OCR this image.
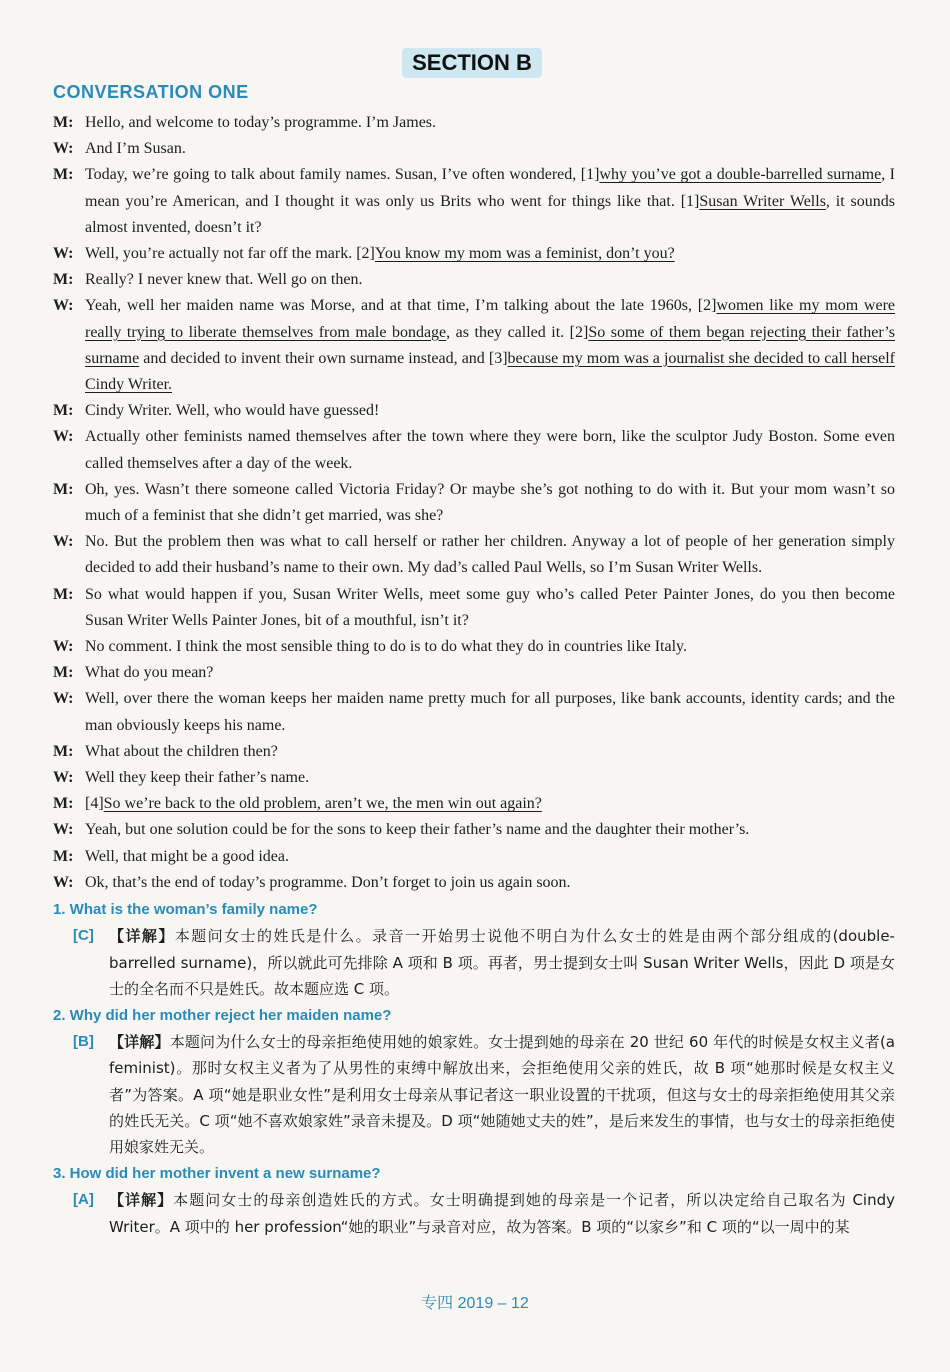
SECTION B
CONVERSATION ONE
M: Hello, and welcome to today’s programme. I’m James.
W: And I’m Susan.
M: Today, we’re going to talk about family names. Susan, I’ve often wondered, [1]why you’ve got a double-barrelled surname, I mean you’re American, and I thought it was only us Brits who went for things like that. [1]Susan Writer Wells, it sounds almost invented, doesn’t it?
W: Well, you’re actually not far off the mark. [2]You know my mom was a feminist, don’t you?
M: Really? I never knew that. Well go on then.
W: Yeah, well her maiden name was Morse, and at that time, I’m talking about the late 1960s, [2]women like my mom were really trying to liberate themselves from male bondage, as they called it. [2]So some of them began rejecting their father’s surname and decided to invent their own surname instead, and [3]because my mom was a journalist she decided to call herself Cindy Writer.
M: Cindy Writer. Well, who would have guessed!
W: Actually other feminists named themselves after the town where they were born, like the sculptor Judy Boston. Some even called themselves after a day of the week.
M: Oh, yes. Wasn’t there someone called Victoria Friday? Or maybe she’s got nothing to do with it. But your mom wasn’t so much of a feminist that she didn’t get married, was she?
W: No. But the problem then was what to call herself or rather her children. Anyway a lot of people of her generation simply decided to add their husband’s name to their own. My dad’s called Paul Wells, so I’m Susan Writer Wells.
M: So what would happen if you, Susan Writer Wells, meet some guy who’s called Peter Painter Jones, do you then become Susan Writer Wells Painter Jones, bit of a mouthful, isn’t it?
W: No comment. I think the most sensible thing to do is to do what they do in countries like Italy.
M: What do you mean?
W: Well, over there the woman keeps her maiden name pretty much for all purposes, like bank accounts, identity cards; and the man obviously keeps his name.
M: What about the children then?
W: Well they keep their father’s name.
M: [4]So we’re back to the old problem, aren’t we, the men win out again?
W: Yeah, but one solution could be for the sons to keep their father’s name and the daughter their mother’s.
M: Well, that might be a good idea.
W: Ok, that’s the end of today’s programme. Don’t forget to join us again soon.
1. What is the woman’s family name?
[C]	【详解】本题问女士的姓氏是什么。录音一开始男士说他不明白为什么女士的姓是由两个部分组成的(double-barrelled surname)，所以就此可先排除 A 项和 B 项。再者，男士提到女士叫 Susan Writer Wells，因此 D 项是女士的全名而不只是姓氏。故本题应选 C 项。
2. Why did her mother reject her maiden name?
[B]	【详解】本题问为什么女士的母亲拒绝使用她的娘家姓。女士提到她的母亲在 20 世纪 60 年代的时候是女权主义者(a feminist)。那时女权主义者为了从男性的束缚中解放出来，会拒绝使用父亲的姓氏，故 B 项“她那时候是女权主义者”为答案。A 项“她是职业女性”是利用女士母亲从事记者这一职业设置的干扰项，但这与女士的母亲拒绝使用其父亲的姓氏无关。C 项“她不喜欢娘家姓”录音未提及。D 项“她随她丈夫的姓”，是后来发生的事情，也与女士的母亲拒绝使用娘家姓无关。
3. How did her mother invent a new surname?
[A]	【详解】本题问女士的母亲创造姓氏的方式。女士明确提到她的母亲是一个记者，所以决定给自己取名为 Cindy Writer。A 项中的 her profession“她的职业”与录音对应，故为答案。B 项的“以家乡”和 C 项的“以一周中的某
专四 2019 – 12
